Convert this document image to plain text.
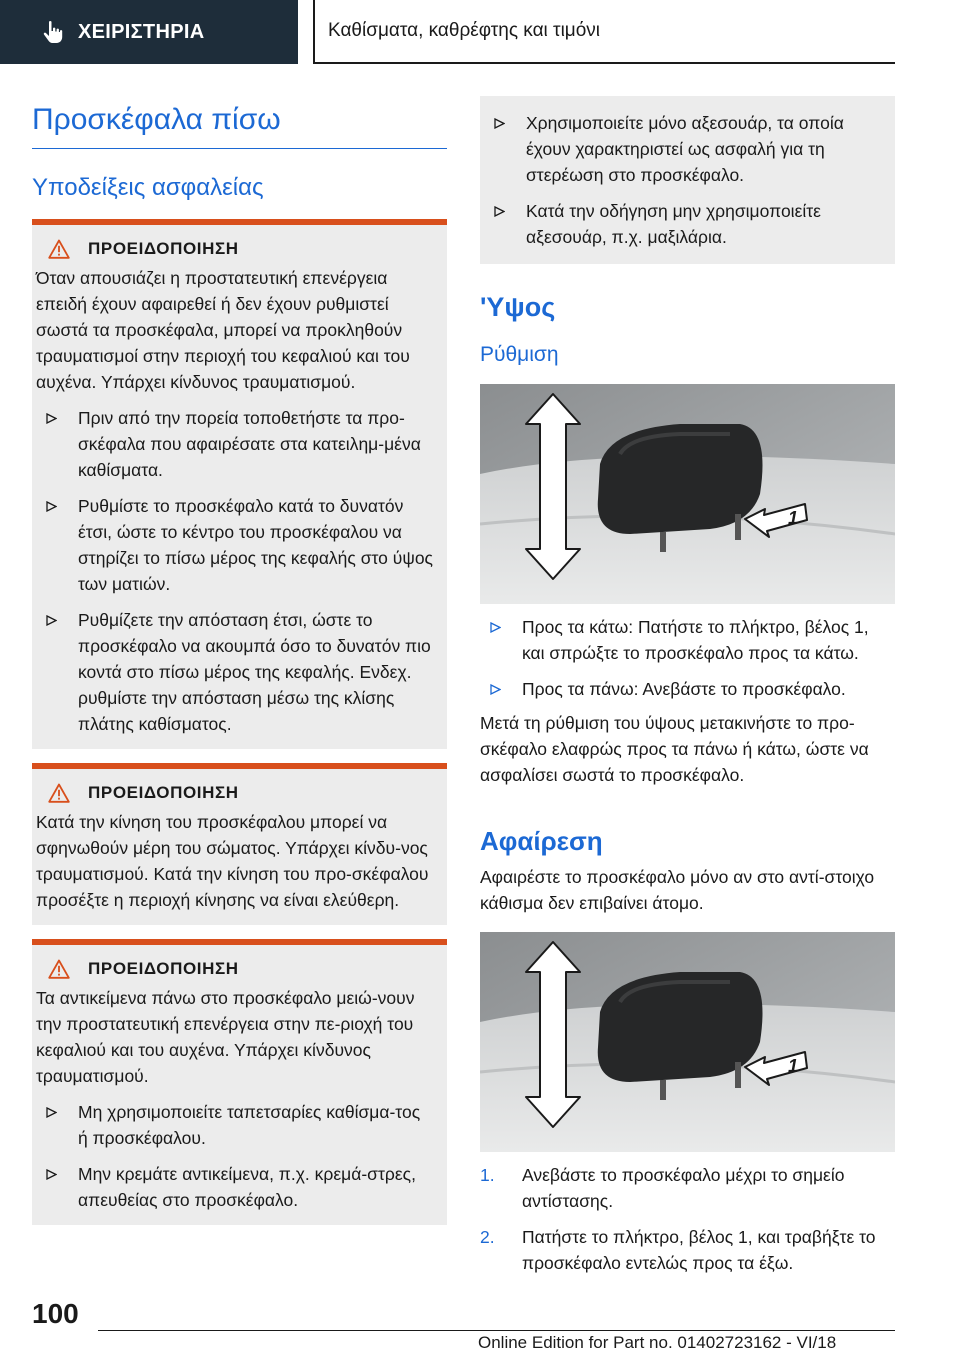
ΧΕΙΡΙΣΤΗΡΙΑ	Καθίσματα, καθρέφτης και τιμόνι
Προσκέφαλα πίσω
Υποδείξεις ασφαλείας
ΠΡΟΕΙΔΟΠΟΙΗΣΗ

Όταν απουσιάζει η προστατευτική επενέργεια επειδή έχουν αφαιρεθεί ή δεν έχουν ρυθμιστεί σωστά τα προσκέφαλα, μπορεί να προκληθούν τραυματισμοί στην περιοχή του κεφαλιού και του αυχένα. Υπάρχει κίνδυνος τραυματισμού.

Πριν από την πορεία τοποθετήστε τα προ-σκέφαλα που αφαιρέσατε στα κατειλημ-μένα καθίσματα.
Ρυθμίστε το προσκέφαλο κατά το δυνατόν έτσι, ώστε το κέντρο του προσκέφαλου να στηρίζει το πίσω μέρος της κεφαλής στο ύψος των ματιών.
Ρυθμίζετε την απόσταση έτσι, ώστε το προσκέφαλο να ακουμπά όσο το δυνατόν πιο κοντά στο πίσω μέρος της κεφαλής. Ενδεχ. ρυθμίστε την απόσταση μέσω της κλίσης πλάτης καθίσματος.
ΠΡΟΕΙΔΟΠΟΙΗΣΗ

Κατά την κίνηση του προσκέφαλου μπορεί να σφηνωθούν μέρη του σώματος. Υπάρχει κίνδυ-νος τραυματισμού. Κατά την κίνηση του προ-σκέφαλου προσέξτε η περιοχή κίνησης να είναι ελεύθερη.

ΠΡΟΕΙΔΟΠΟΙΗΣΗ

Τα αντικείμενα πάνω στο προσκέφαλο μειώ-νουν την προστατευτική επενέργεια στην πε-ριοχή του κεφαλιού και του αυχένα. Υπάρχει κίνδυνος τραυματισμού.

Μη χρησιμοποιείτε ταπετσαρίες καθίσμα-τος ή προσκέφαλου.
Μην κρεμάτε αντικείμενα, π.χ. κρεμά-στρες, απευθείας στο προσκέφαλο.
Χρησιμοποιείτε μόνο αξεσουάρ, τα οποία έχουν χαρακτηριστεί ως ασφαλή για τη στερέωση στο προσκέφαλο.
Κατά την οδήγηση μην χρησιμοποιείτε αξεσουάρ, π.χ. μαξιλάρια.
'Υψος
Ρύθμιση
1
Προς τα κάτω: Πατήστε το πλήκτρο, βέλος 1, και σπρώξτε το προσκέφαλο προς τα κάτω.
Προς τα πάνω: Ανεβάστε το προσκέφαλο.

Μετά τη ρύθμιση του ύψους μετακινήστε το προ-σκέφαλο ελαφρώς προς τα πάνω ή κάτω, ώστε να ασφαλίσει σωστά το προσκέφαλο.

Αφαίρεση

Αφαιρέστε το προσκέφαλο μόνο αν στο αντί-στοιχο κάθισμα δεν επιβαίνει άτομο.

1
1. Ανεβάστε το προσκέφαλο μέχρι το σημείο αντίστασης.
2. Πατήστε το πλήκτρο, βέλος 1, και τραβήξτε το προσκέφαλο εντελώς προς τα έξω.
100
Online Edition for Part no. 01402723162 - VI/18
